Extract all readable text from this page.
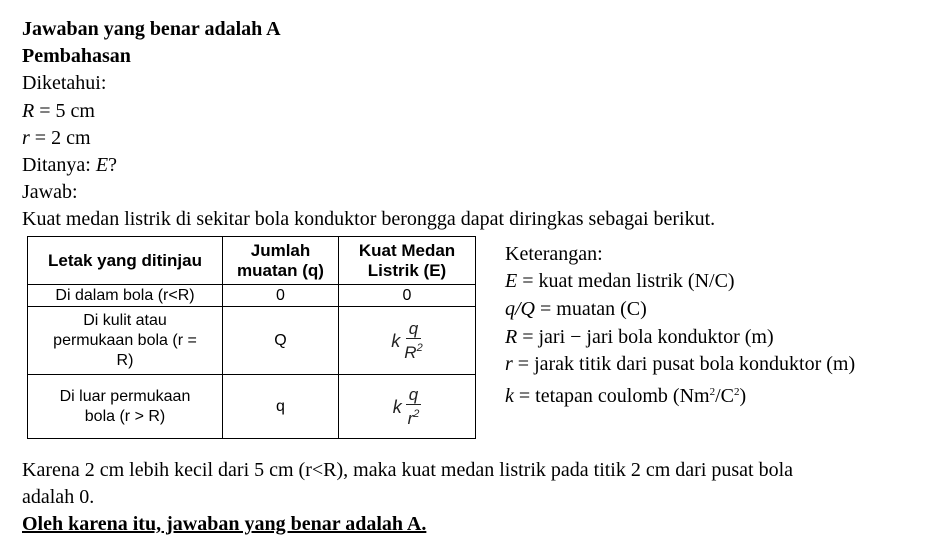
Jawaban yang benar adalah A
Pembahasan
Diketahui:
R = 5 cm
r = 2 cm
Ditanya: E?
Jawab:
Kuat medan listrik di sekitar bola konduktor berongga dapat diringkas sebagai berikut.
Letak yang ditinjau	Jumlah muatan (q)	Kuat Medan Listrik (E)
Di dalam bola (r<R)	0	0
Di kulit atau permukaan bola (r = R)	Q	k
q
$R^2$

Di luar permukaan bola (r > R)	q	k
q
$r^2$
Keterangan:
E = kuat medan listrik (N/C)
q/Q = muatan (C)
R = jari − jari bola konduktor (m)
r = jarak titik dari pusat bola konduktor (m)
k = tetapan coulomb $(Nm^2/C^2)$
Karena 2 cm lebih kecil dari 5 cm (r<R), maka kuat medan listrik pada titik 2 cm dari pusat bola
adalah 0.
Oleh karena itu, jawaban yang benar adalah A.
